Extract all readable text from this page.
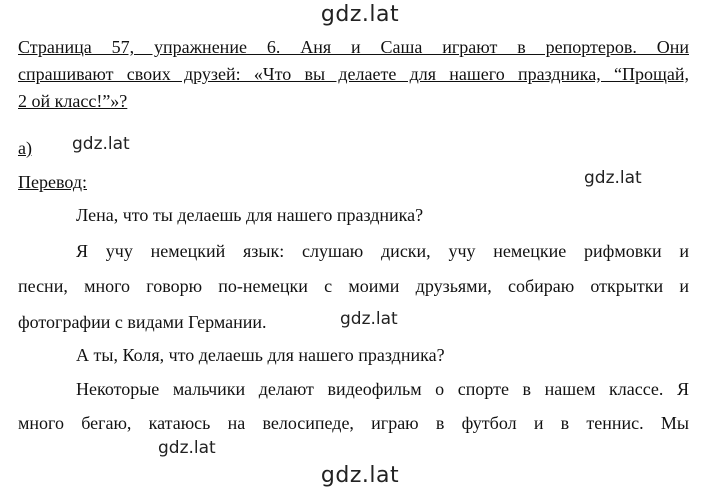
gdz.lat
Страница 57, упражнение 6. Аня и Саша играют в репортеров. Они
спрашивают своих друзей: «Что вы делаете для нашего праздника, “Прощай,
2 ой класс!”»?
а) gdz.lat
Перевод:	gdz.lat
Лена, что ты делаешь для нашего праздника?
Я учу немецкий язык: слушаю диски, учу немецкие рифмовки и
песни, много говорю по-немецки с моими друзьями, собираю открытки и
фотографии с видами Германии.	gdz.lat
А ты, Коля, что делаешь для нашего праздника?
Некоторые мальчики делают видеофильм о спорте в нашем классе. Я
много бегаю, катаюсь на велосипеде, играю в футбол и в теннис. Мы
gdz.lat
gdz.lat
